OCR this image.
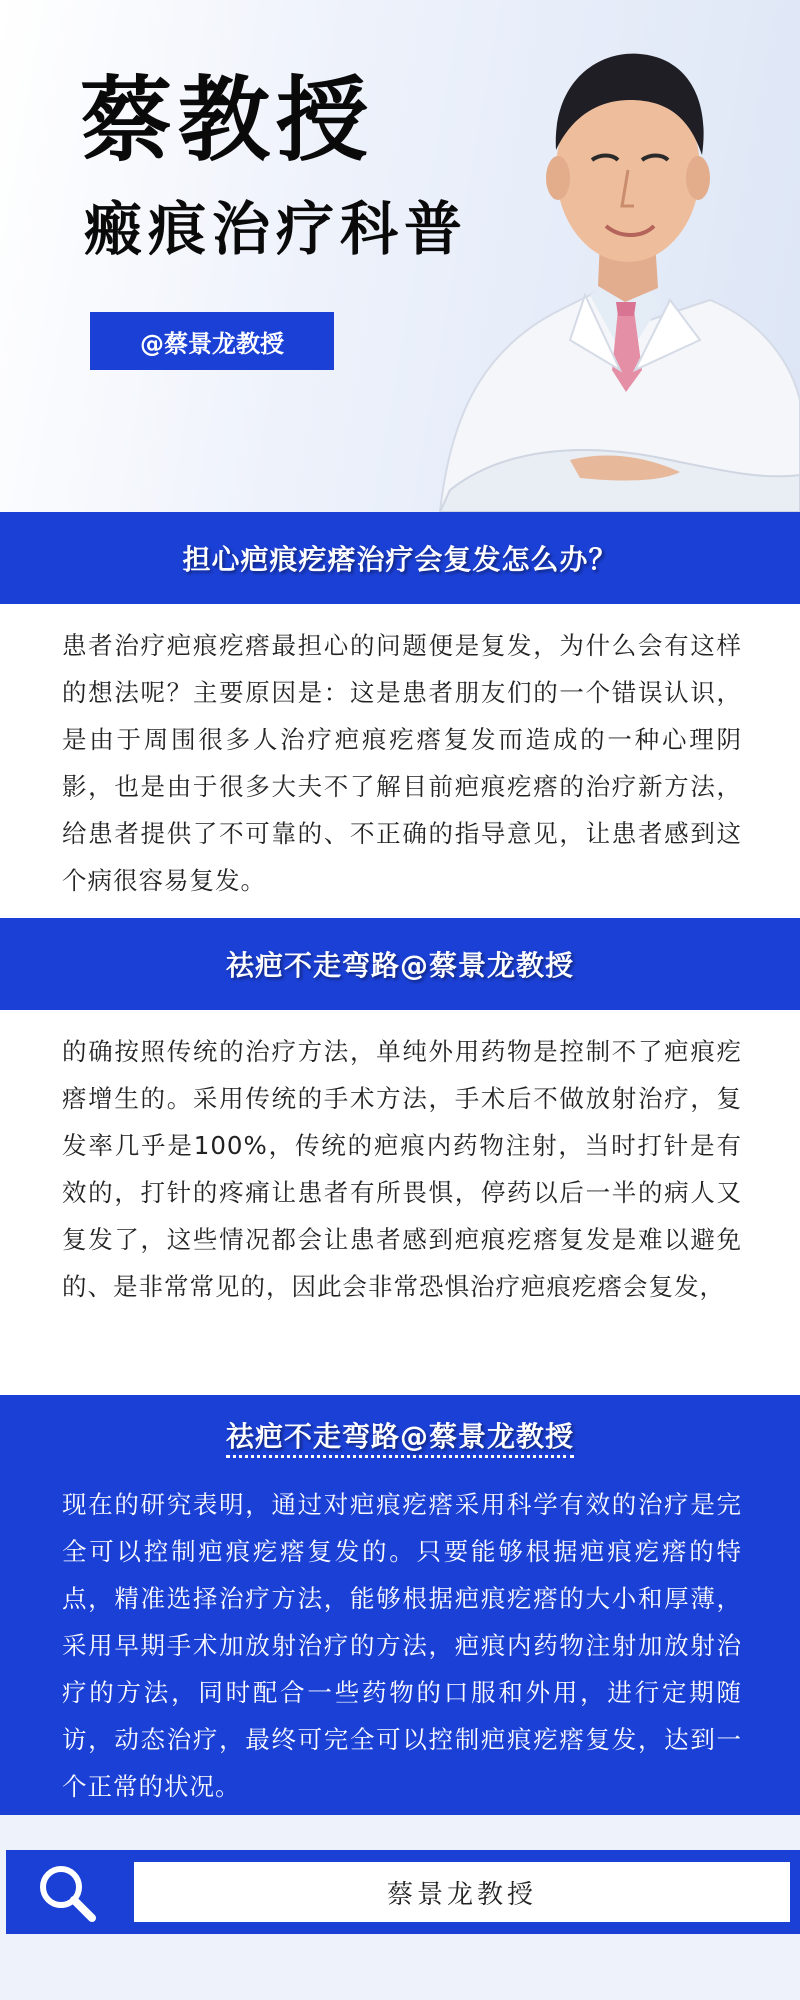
蔡教授
瘢痕治疗科普
@蔡景龙教授
担心疤痕疙瘩治疗会复发怎么办？

患者治疗疤痕疙瘩最担心的问题便是复发，为什么会有这样的想法呢？主要原因是：这是患者朋友们的一个错误认识，是由于周围很多人治疗疤痕疙瘩复发而造成的一种心理阴影，也是由于很多大夫不了解目前疤痕疙瘩的治疗新方法，给患者提供了不可靠的、不正确的指导意见，让患者感到这个病很容易复发。

祛疤不走弯路@蔡景龙教授

的确按照传统的治疗方法，单纯外用药物是控制不了疤痕疙瘩增生的。采用传统的手术方法，手术后不做放射治疗，复发率几乎是100%，传统的疤痕内药物注射，当时打针是有效的，打针的疼痛让患者有所畏惧，停药以后一半的病人又复发了，这些情况都会让患者感到疤痕疙瘩复发是难以避免的、是非常常见的，因此会非常恐惧治疗疤痕疙瘩会复发，

祛疤不走弯路@蔡景龙教授

现在的研究表明，通过对疤痕疙瘩采用科学有效的治疗是完全可以控制疤痕疙瘩复发的。只要能够根据疤痕疙瘩的特点，精准选择治疗方法，能够根据疤痕疙瘩的大小和厚薄，采用早期手术加放射治疗的方法，疤痕内药物注射加放射治疗的方法，同时配合一些药物的口服和外用，进行定期随访，动态治疗，最终可完全可以控制疤痕疙瘩复发，达到一个正常的状况。

蔡景龙教授
